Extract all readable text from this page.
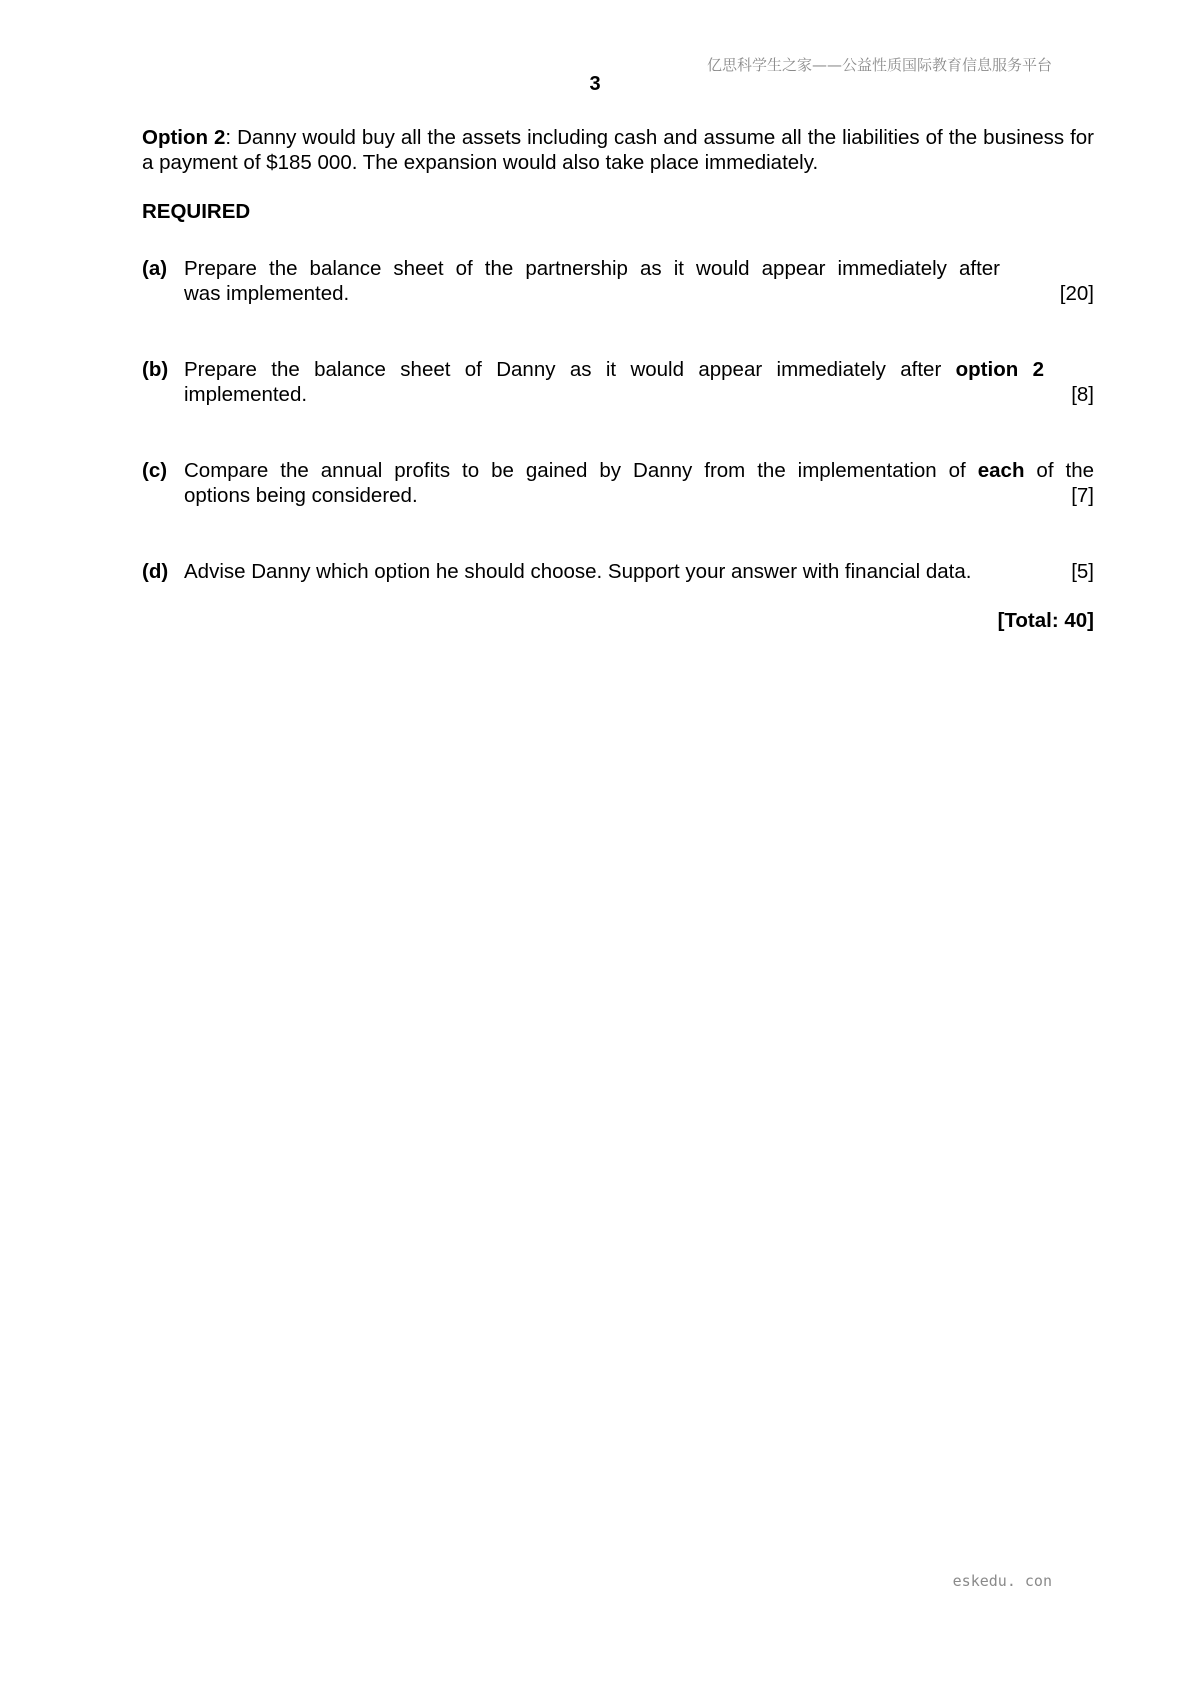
亿思科学生之家——公益性质国际教育信息服务平台
3

Option 2: Danny would buy all the assets including cash and assume all the liabilities of the business for a payment of $185 000. The expansion would also take place immediately.

REQUIRED
(a) Prepare the balance sheet of the partnership as it would appear immediately after
was implemented.	[20]
(b) Prepare the balance sheet of Danny as it would appear immediately after option 2
implemented.	[8]
(c) Compare the annual profits to be gained by Danny from the implementation of each of the
options being considered.	[7]
(d) Advise Danny which option he should choose. Support your answer with financial data.	[5]
[Total: 40]
eskedu. con
